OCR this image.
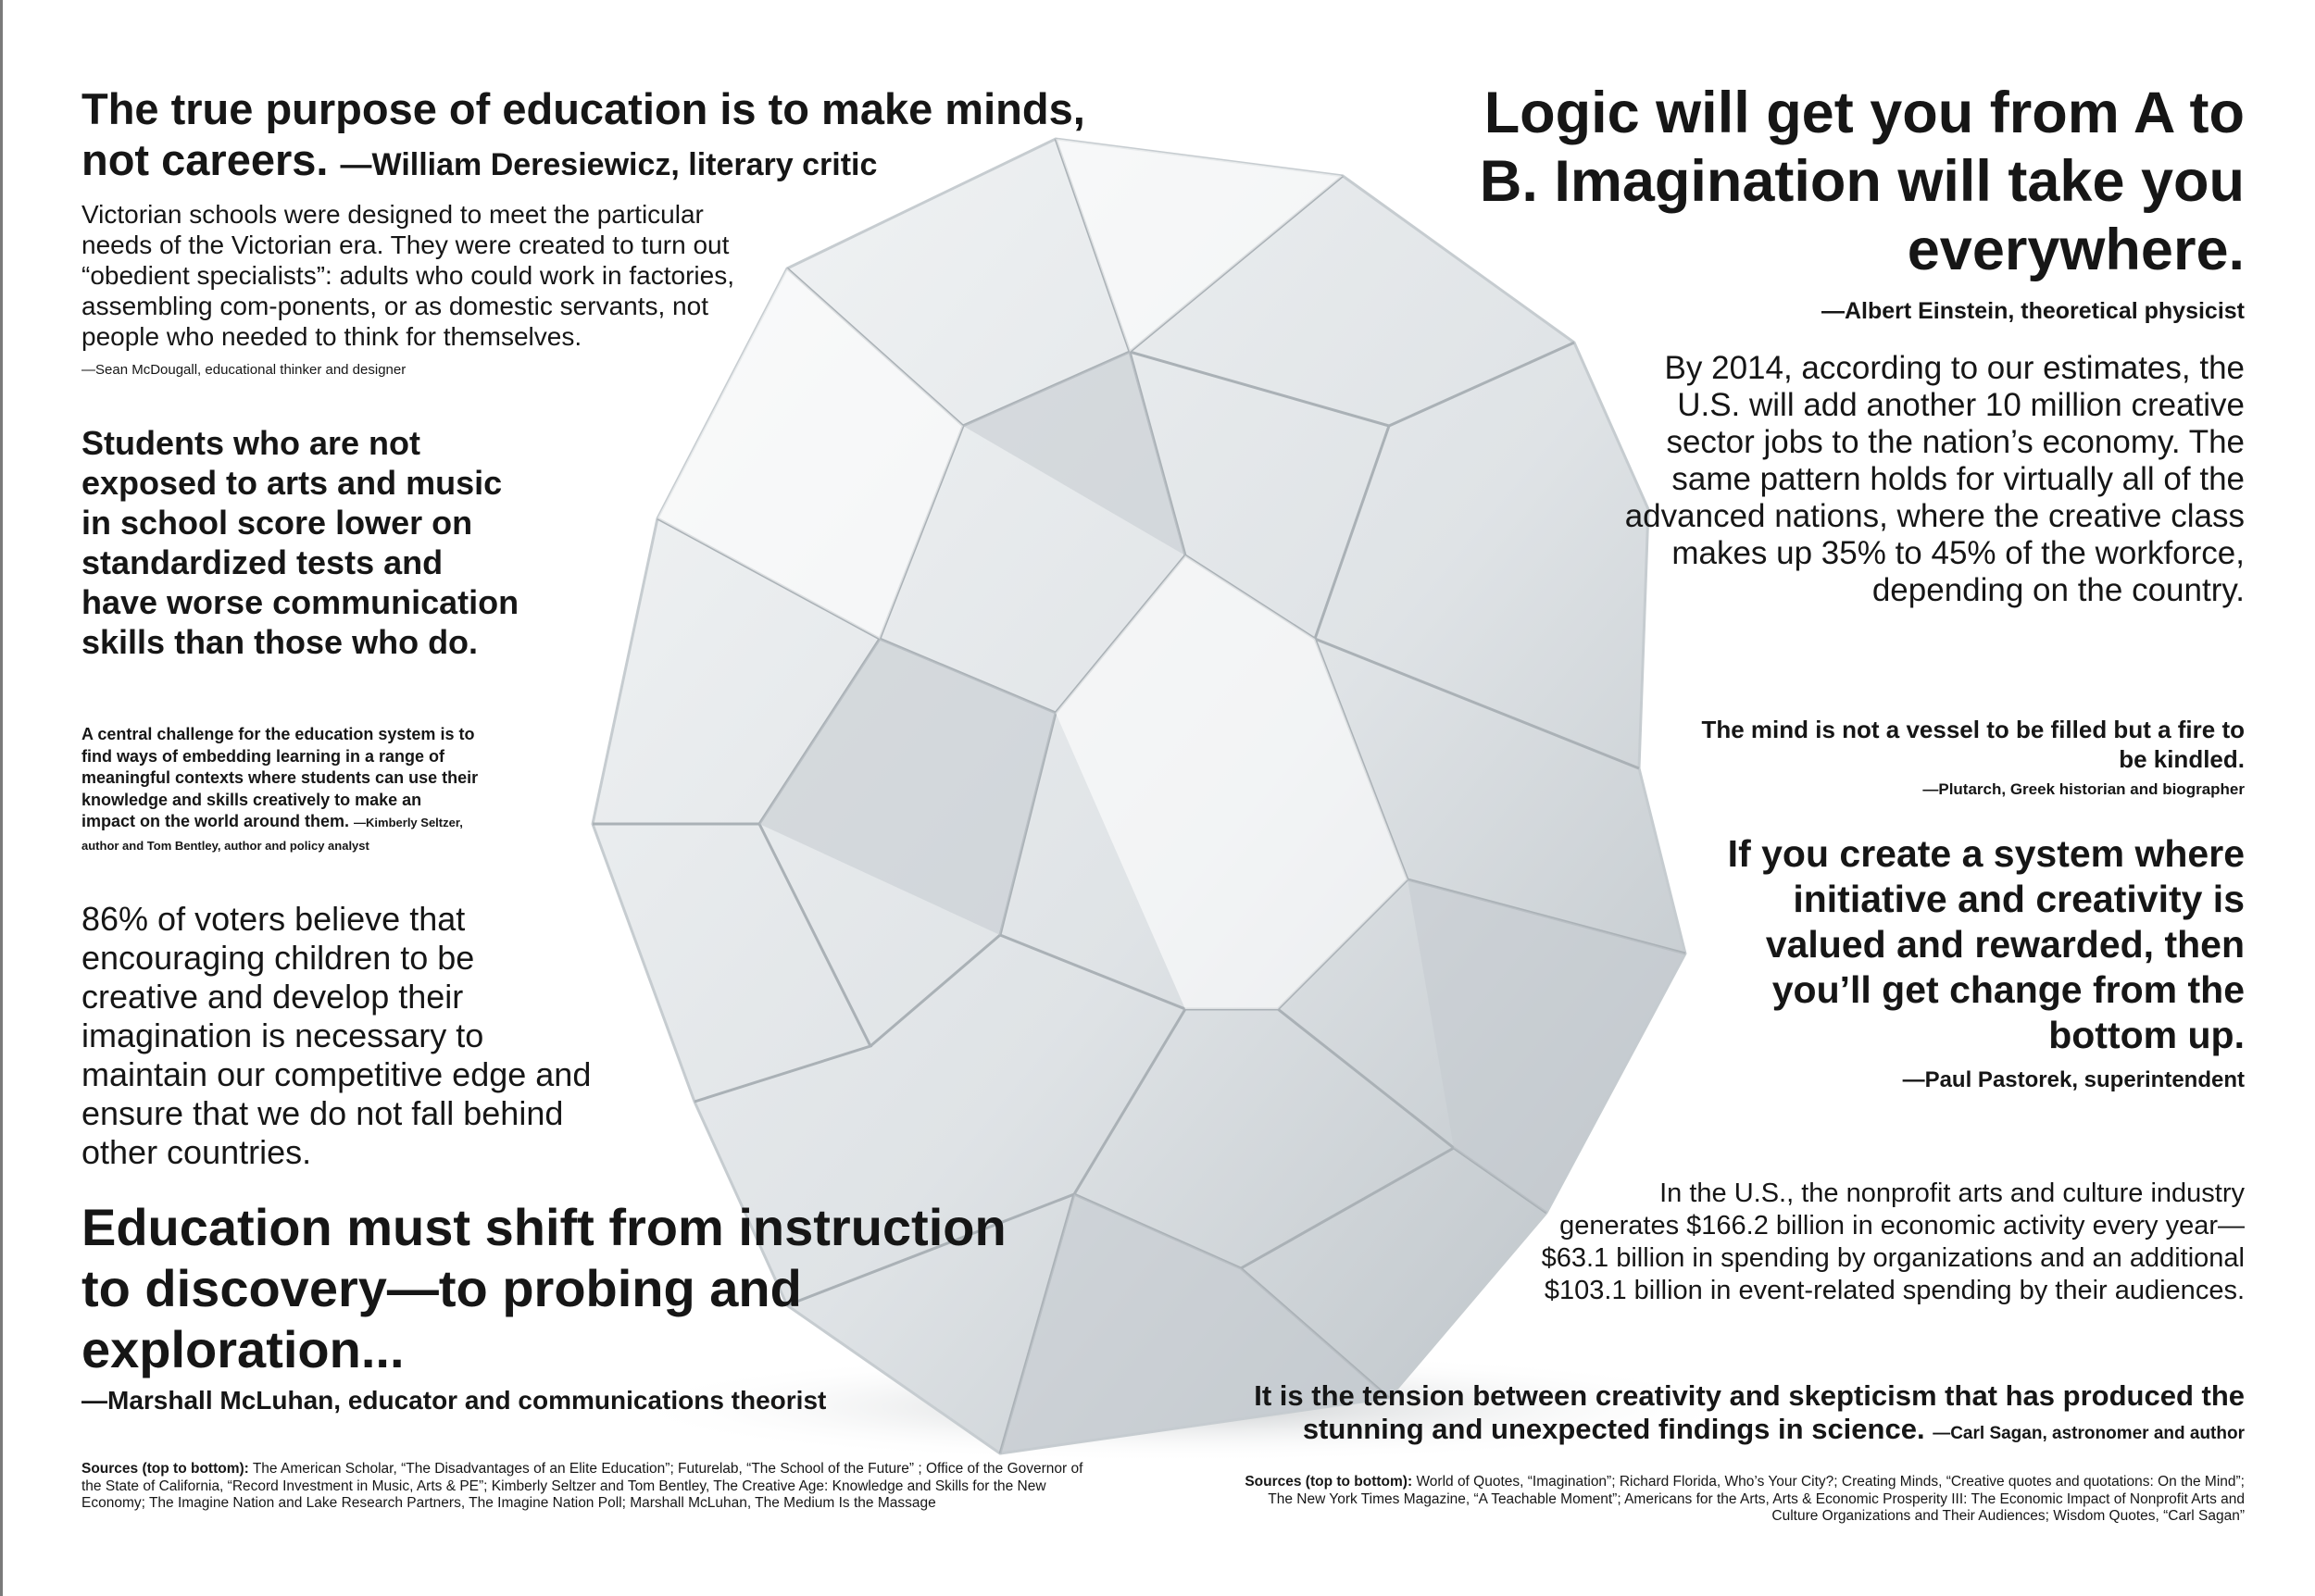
The true purpose of education is to make minds, not careers. —William Deresiewicz, literary critic
Victorian schools were designed to meet the particular needs of the Victorian era. They were created to turn out “obedient specialists”: adults who could work in factories, assembling com-ponents, or as domestic servants, not people who needed to think for themselves.
—Sean McDougall, educational thinker and designer
Students who are not exposed to arts and music in school score lower on standardized tests and have worse communication skills than those who do.
A central challenge for the education system is to find ways of embedding learning in a range of meaningful contexts where students can use their knowledge and skills creatively to make an impact on the world around them. —Kimberly Seltzer, author and Tom Bentley, author and policy analyst
86% of voters believe that encouraging children to be creative and develop their imagination is necessary to maintain our competitive edge and ensure that we do not fall behind other countries.
Education must shift from instruction to discovery—to probing and exploration...
—Marshall McLuhan, educator and communications theorist
Sources (top to bottom): The American Scholar, “The Disadvantages of an Elite Education”; Futurelab, “The School of the Future” ; Office of the Governor of the State of California, “Record Investment in Music, Arts & PE”; Kimberly Seltzer and Tom Bentley, The Creative Age: Knowledge and Skills for the New Economy; The Imagine Nation and Lake Research Partners, The Imagine Nation Poll; Marshall McLuhan, The Medium Is the Massage
Logic will get you from A to B. Imagination will take you everywhere.
—Albert Einstein, theoretical physicist
By 2014, according to our estimates, the U.S. will add another 10 million creative sector jobs to the nation’s economy. The same pattern holds for virtually all of the advanced nations, where the creative class makes up 35% to 45% of the workforce, depending on the country.
The mind is not a vessel to be filled but a fire to be kindled.
—Plutarch, Greek historian and biographer
If you create a system where initiative and creativity is valued and rewarded, then you’ll get change from the bottom up.
—Paul Pastorek, superintendent
In the U.S., the nonprofit arts and culture industry generates $166.2 billion in economic activity every year—$63.1 billion in spending by organizations and an additional $103.1 billion in event-related spending by their audiences.
It is the tension between creativity and skepticism that has produced the stunning and unexpected findings in science. —Carl Sagan, astronomer and author
Sources (top to bottom): World of Quotes, “Imagination”; Richard Florida, Who’s Your City?; Creating Minds, “Creative quotes and quotations: On the Mind”; The New York Times Magazine, “A Teachable Moment”; Americans for the Arts, Arts & Economic Prosperity III: The Economic Impact of Nonprofit Arts and Culture Organizations and Their Audiences; Wisdom Quotes, “Carl Sagan”
